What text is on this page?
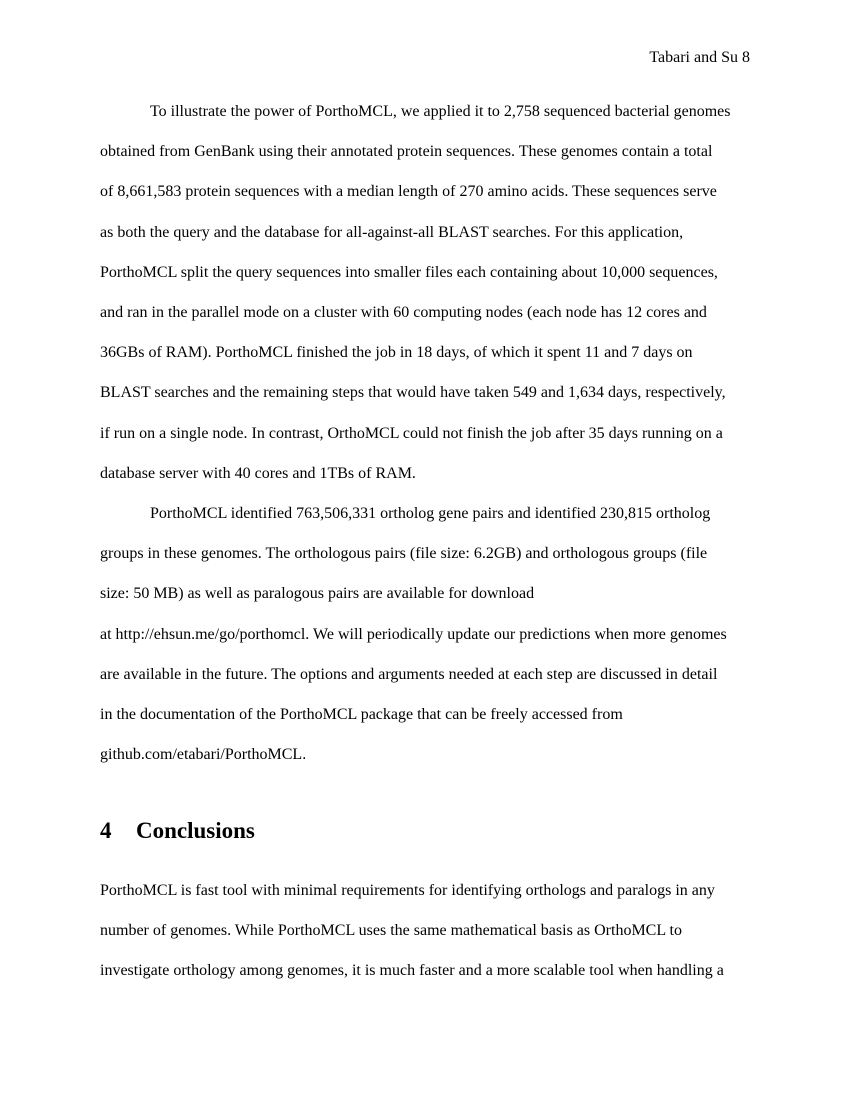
Tabari and Su 8

To illustrate the power of PorthoMCL, we applied it to 2,758 sequenced bacterial genomes
obtained from GenBank using their annotated protein sequences. These genomes contain a total
of 8,661,583 protein sequences with a median length of 270 amino acids. These sequences serve
as both the query and the database for all-against-all BLAST searches. For this application,
PorthoMCL split the query sequences into smaller files each containing about 10,000 sequences,
and ran in the parallel mode on a cluster with 60 computing nodes (each node has 12 cores and
36GBs of RAM). PorthoMCL finished the job in 18 days, of which it spent 11 and 7 days on
BLAST searches and the remaining steps that would have taken 549 and 1,634 days, respectively,
if run on a single node. In contrast, OrthoMCL could not finish the job after 35 days running on a
database server with 40 cores and 1TBs of RAM.

PorthoMCL identified 763,506,331 ortholog gene pairs and identified 230,815 ortholog
groups in these genomes. The orthologous pairs (file size: 6.2GB) and orthologous groups (file
size: 50 MB) as well as paralogous pairs are available for download
at http://ehsun.me/go/porthomcl. We will periodically update our predictions when more genomes
are available in the future. The options and arguments needed at each step are discussed in detail
in the documentation of the PorthoMCL package that can be freely accessed from
github.com/etabari/PorthoMCL.

4 Conclusions

PorthoMCL is fast tool with minimal requirements for identifying orthologs and paralogs in any
number of genomes. While PorthoMCL uses the same mathematical basis as OrthoMCL to
investigate orthology among genomes, it is much faster and a more scalable tool when handling a
